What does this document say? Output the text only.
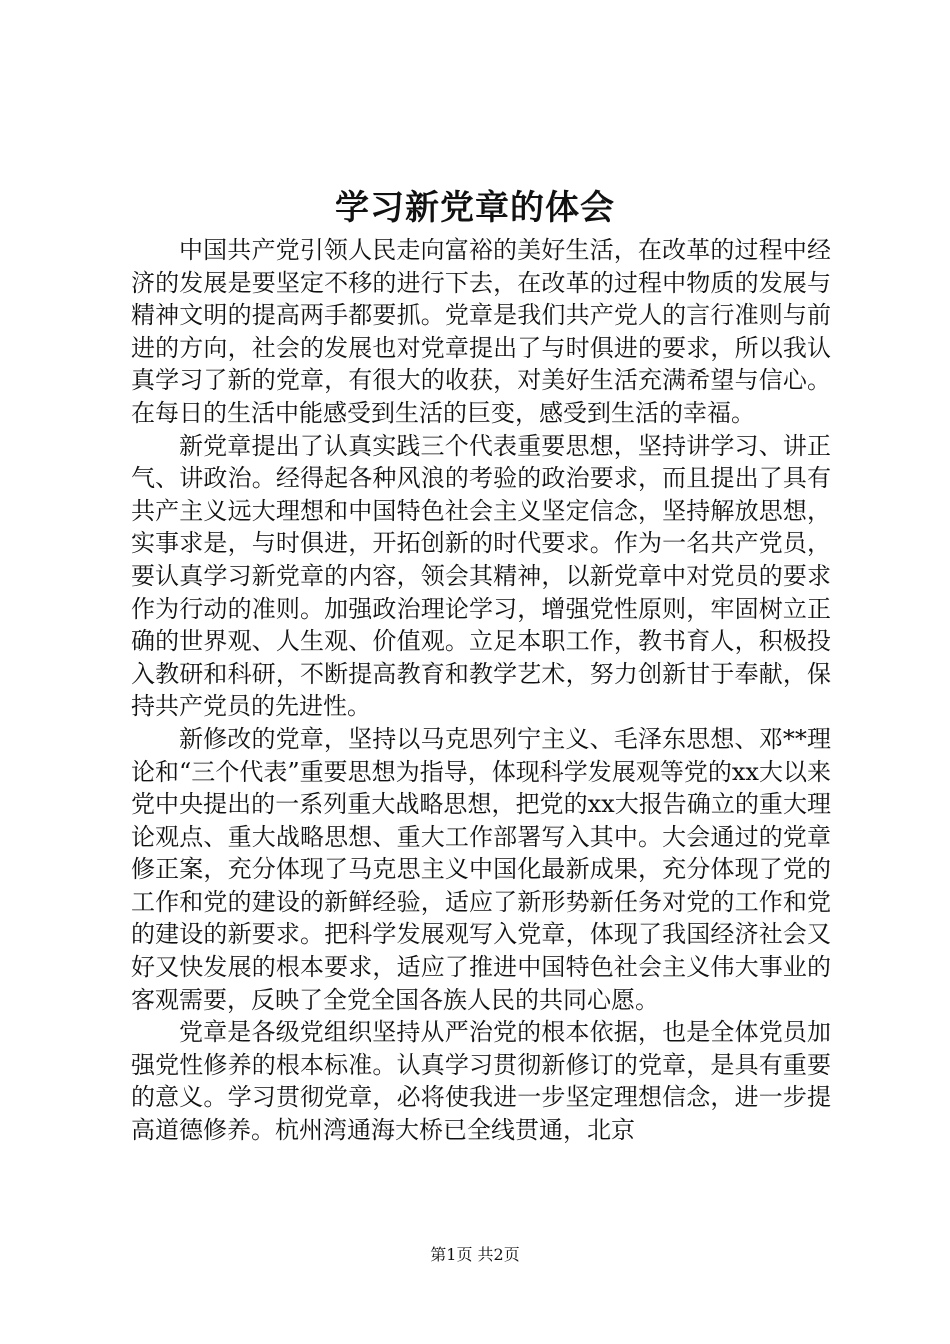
学习新党章的体会

中国共产党引领人民走向富裕的美好生活，在改革的过程中经济的发展是要坚定不移的进行下去，在改革的过程中物质的发展与精神文明的提高两手都要抓。党章是我们共产党人的言行准则与前进的方向，社会的发展也对党章提出了与时俱进的要求，所以我认真学习了新的党章，有很大的收获，对美好生活充满希望与信心。在每日的生活中能感受到生活的巨变，感受到生活的幸福。

新党章提出了认真实践三个代表重要思想，坚持讲学习、讲正气、讲政治。经得起各种风浪的考验的政治要求，而且提出了具有共产主义远大理想和中国特色社会主义坚定信念，坚持解放思想，实事求是，与时俱进，开拓创新的时代要求。作为一名共产党员，要认真学习新党章的内容，领会其精神，以新党章中对党员的要求作为行动的准则。加强政治理论学习，增强党性原则，牢固树立正确的世界观、人生观、价值观。立足本职工作，教书育人，积极投入教研和科研，不断提高教育和教学艺术，努力创新甘于奉献，保持共产党员的先进性。

新修改的党章，坚持以马克思列宁主义、毛泽东思想、邓**理论和“三个代表”重要思想为指导，体现科学发展观等党的xx大以来党中央提出的一系列重大战略思想，把党的xx大报告确立的重大理论观点、重大战略思想、重大工作部署写入其中。大会通过的党章修正案，充分体现了马克思主义中国化最新成果，充分体现了党的工作和党的建设的新鲜经验，适应了新形势新任务对党的工作和党的建设的新要求。把科学发展观写入党章，体现了我国经济社会又好又快发展的根本要求，适应了推进中国特色社会主义伟大事业的客观需要，反映了全党全国各族人民的共同心愿。

党章是各级党组织坚持从严治党的根本依据，也是全体党员加强党性修养的根本标准。认真学习贯彻新修订的党章，是具有重要的意义。学习贯彻党章，必将使我进一步坚定理想信念，进一步提高道德修养。杭州湾通海大桥已全线贯通，北京

第1页 共2页
